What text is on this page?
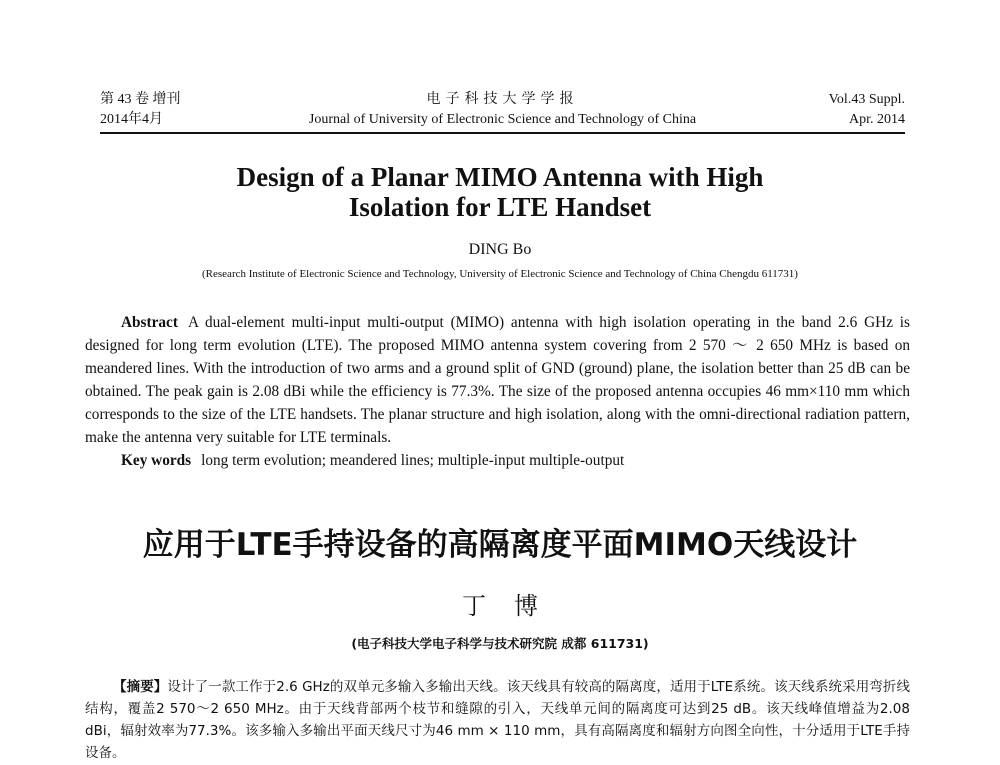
第 43 卷 增刊
2014年4月
电子科技大学学报
Journal of University of Electronic Science and Technology of China
Vol.43 Suppl.
Apr. 2014
Design of a Planar MIMO Antenna with High
Isolation for LTE Handset
DING Bo
(Research Institute of Electronic Science and Technology, University of Electronic Science and Technology of China Chengdu 611731)

Abstract A dual-element multi-input multi-output (MIMO) antenna with high isolation operating in the band 2.6 GHz is designed for long term evolution (LTE). The proposed MIMO antenna system covering from 2 570 ～ 2 650 MHz is based on meandered lines. With the introduction of two arms and a ground split of GND (ground) plane, the isolation better than 25 dB can be obtained. The peak gain is 2.08 dBi while the efficiency is 77.3%. The size of the proposed antenna occupies 46 mm×110 mm which corresponds to the size of the LTE handsets. The planar structure and high isolation, along with the omni-directional radiation pattern, make the antenna very suitable for LTE terminals.

Key words long term evolution; meandered lines; multiple-input multiple-output

应用于LTE手持设备的高隔离度平面MIMO天线设计
丁博
(电子科技大学电子科学与技术研究院 成都 611731)

【摘要】设计了一款工作于2.6 GHz的双单元多输入多输出天线。该天线具有较高的隔离度，适用于LTE系统。该天线系统采用弯折线结构，覆盖2 570～2 650 MHz。由于天线背部两个枝节和缝隙的引入，天线单元间的隔离度可达到25 dB。该天线峰值增益为2.08 dBi，辐射效率为77.3%。该多输入多输出平面天线尺寸为46 mm × 110 mm，具有高隔离度和辐射方向图全向性，十分适用于LTE手持设备。
